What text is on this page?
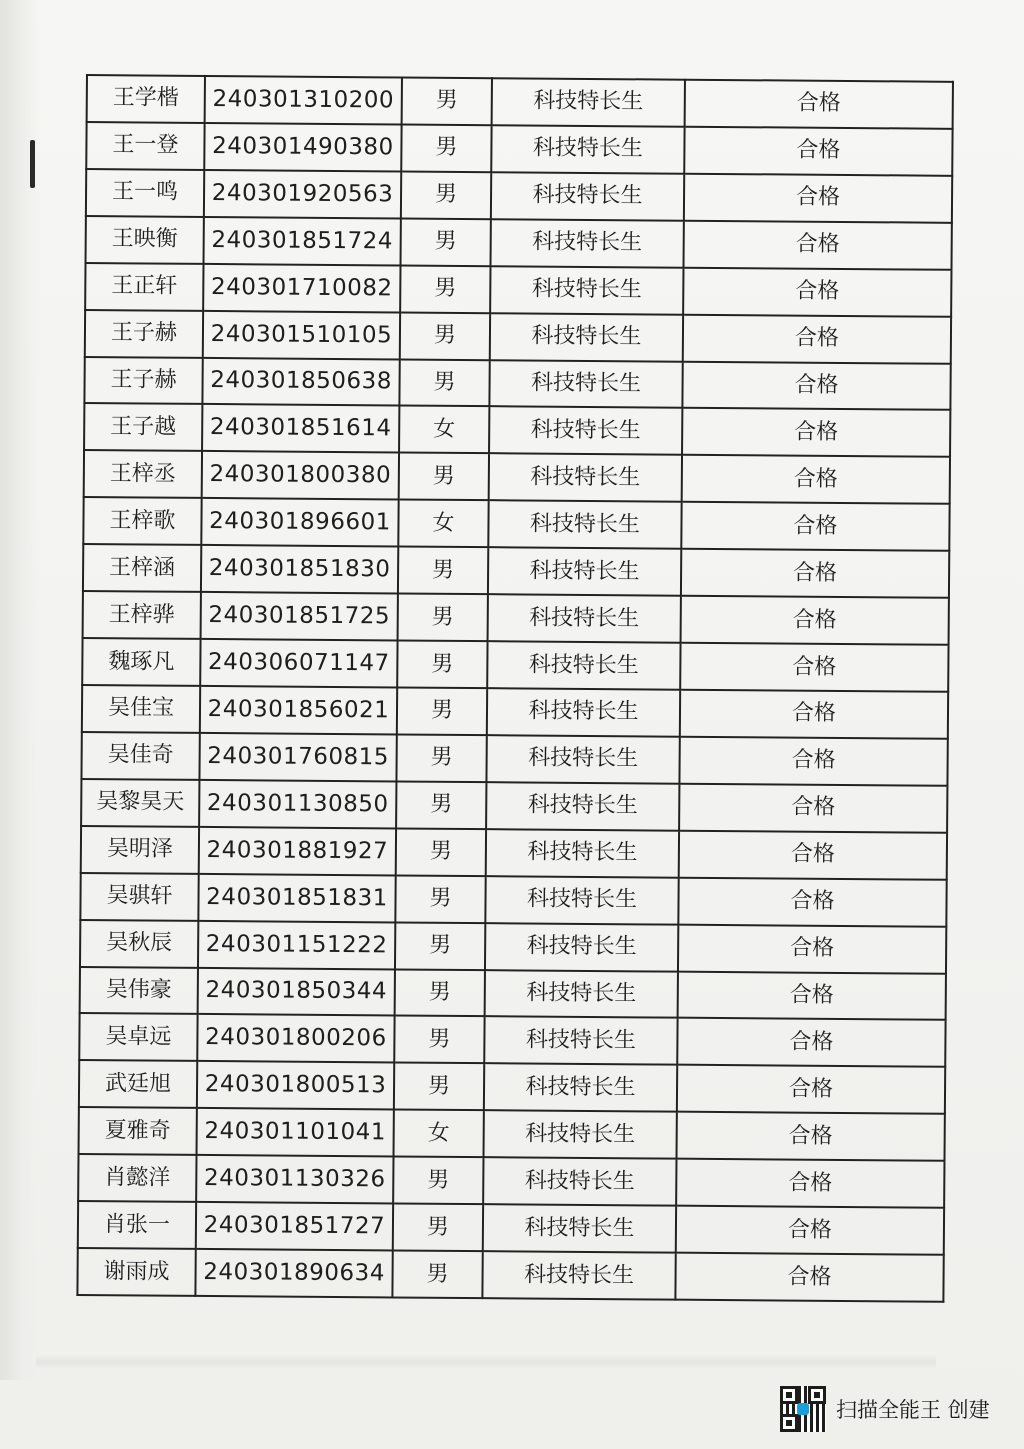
王学楷	240301310200	男	科技特长生	合格
王一登	240301490380	男	科技特长生	合格
王一鸣	240301920563	男	科技特长生	合格
王映衡	240301851724	男	科技特长生	合格
王正轩	240301710082	男	科技特长生	合格
王子赫	240301510105	男	科技特长生	合格
王子赫	240301850638	男	科技特长生	合格
王子越	240301851614	女	科技特长生	合格
王梓丞	240301800380	男	科技特长生	合格
王梓歌	240301896601	女	科技特长生	合格
王梓涵	240301851830	男	科技特长生	合格
王梓骅	240301851725	男	科技特长生	合格
魏琢凡	240306071147	男	科技特长生	合格
吴佳宝	240301856021	男	科技特长生	合格
吴佳奇	240301760815	男	科技特长生	合格
吴黎昊天	240301130850	男	科技特长生	合格
吴明泽	240301881927	男	科技特长生	合格
吴骐轩	240301851831	男	科技特长生	合格
吴秋辰	240301151222	男	科技特长生	合格
吴伟豪	240301850344	男	科技特长生	合格
吴卓远	240301800206	男	科技特长生	合格
武廷旭	240301800513	男	科技特长生	合格
夏雅奇	240301101041	女	科技特长生	合格
肖懿洋	240301130326	男	科技特长生	合格
肖张一	240301851727	男	科技特长生	合格
谢雨成	240301890634	男	科技特长生	合格
扫描全能王 创建
